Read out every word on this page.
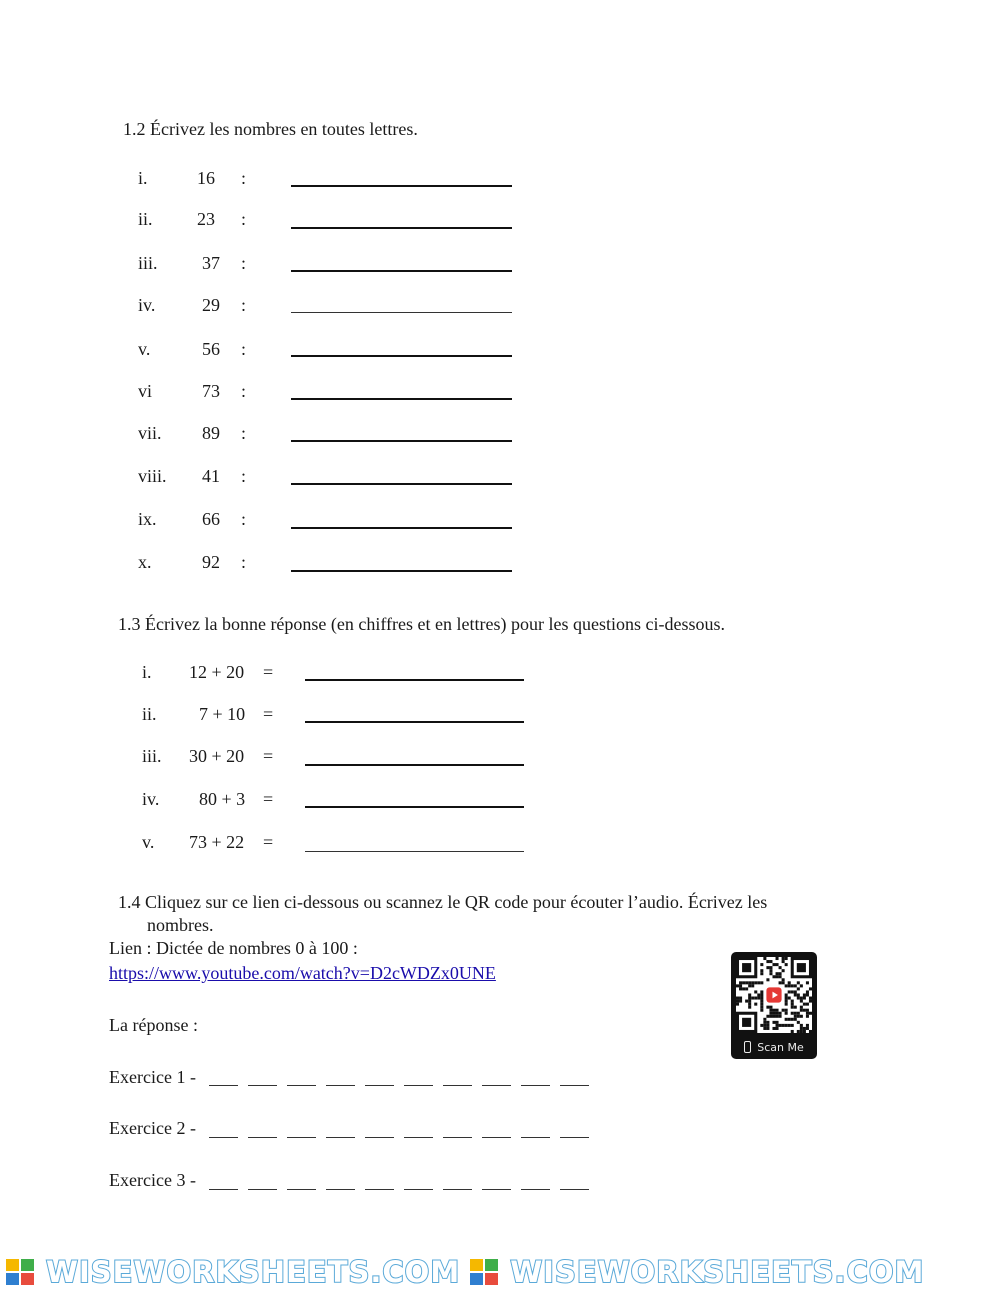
1.2 Écrivez les nombres en toutes lettres.
i.	16 :
ii. 23 :
iii. 37 :
iv.	29 :
v.	56 :
vi	73 :
vii. 89 :
viii. 41 :
ix.	66 :
x.	92 :
1.3 Écrivez la bonne réponse (en chiffres et en lettres) pour les questions ci-dessous.
i. 12 + 20 =
ii. 7 + 10 =
iii. 30 + 20 =
iv. 80 + 3 =
v. 73 + 22 =
1.4 Cliquez sur ce lien ci-dessous ou scannez le QR code pour écouter l’audio. Écrivez les
nombres.
Lien : Dictée de nombres 0 à 100 :
https://www.youtube.com/watch?v=D2cWDZx0UNE
La réponse :
Exercice 1 -
Exercice 2 -
Exercice 3 -
Scan Me
WISEWORKSHEETS.COM WISEWORKSHEETS.COM
